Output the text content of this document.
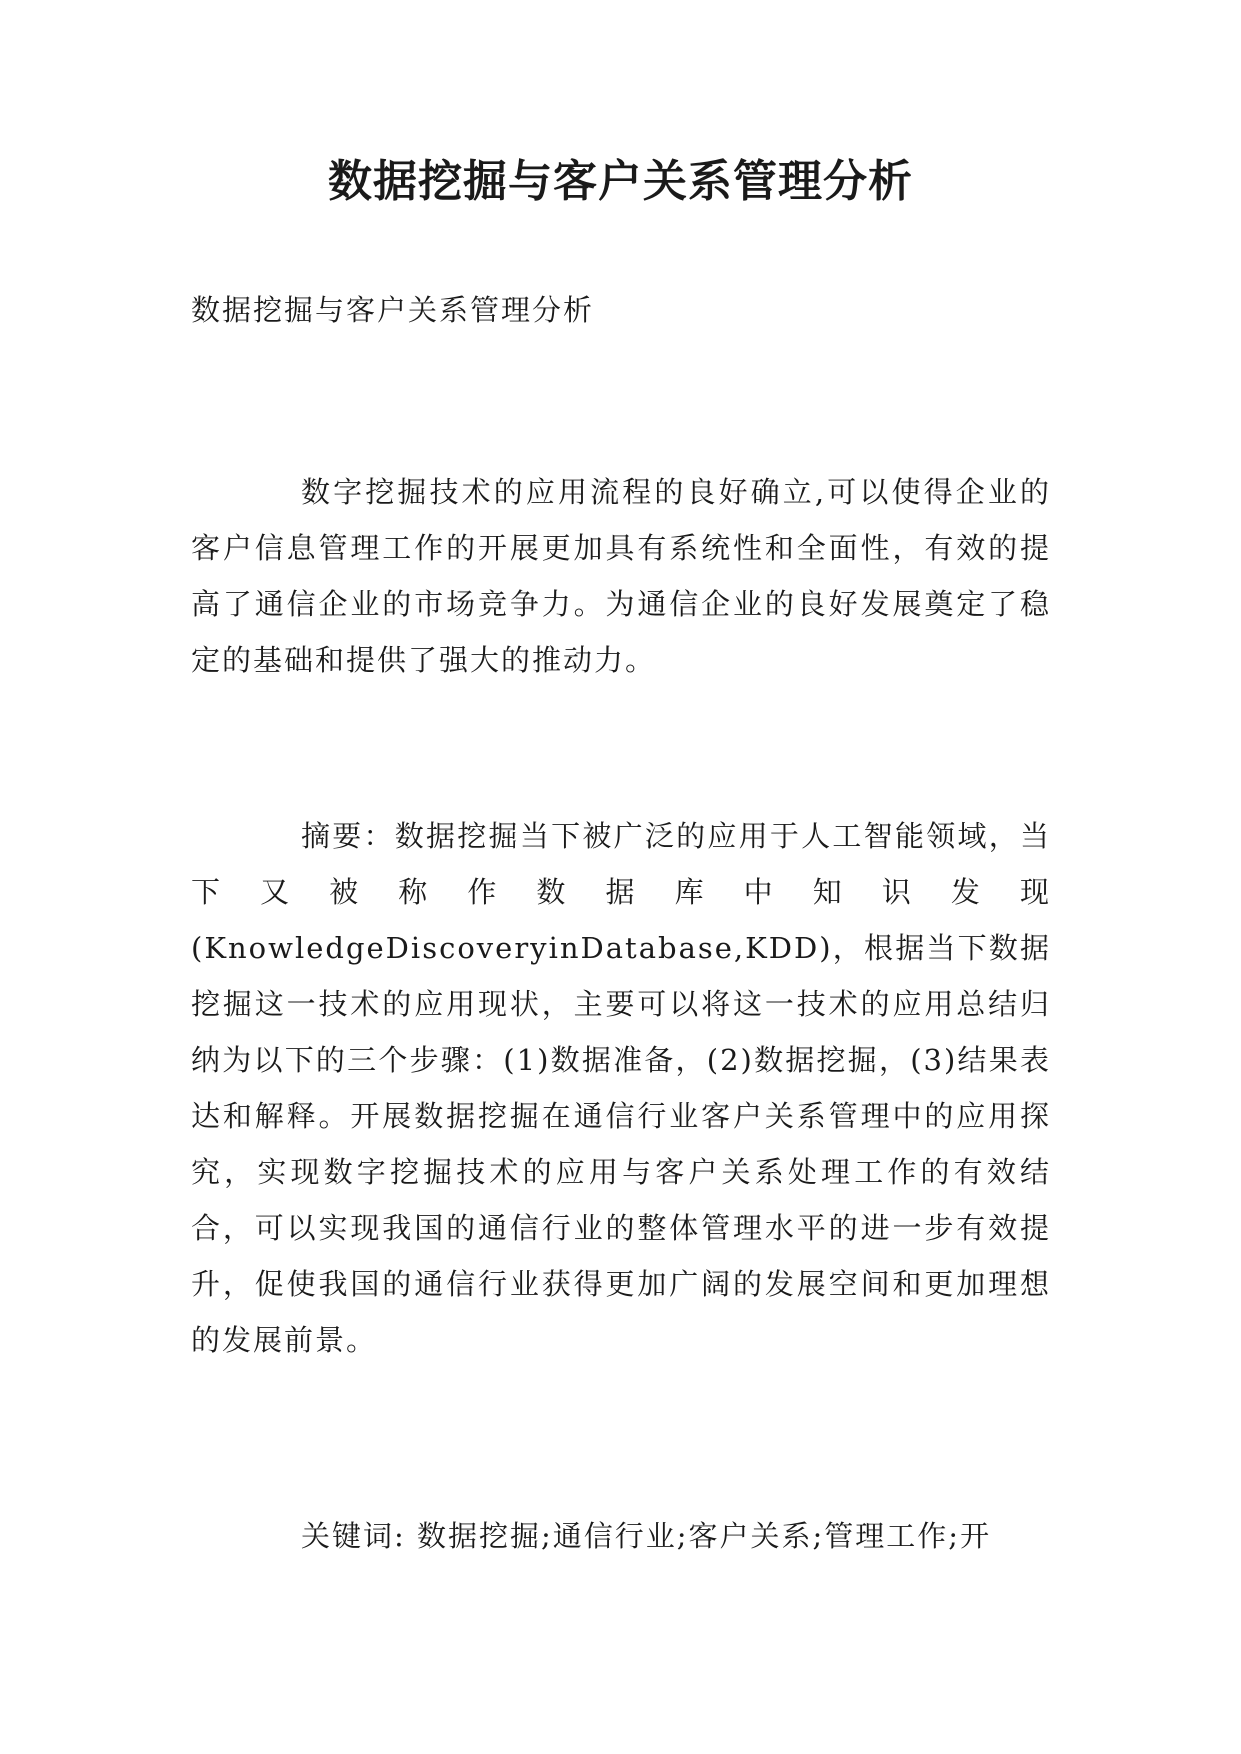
数据挖掘与客户关系管理分析

数据挖掘与客户关系管理分析

数字挖掘技术的应用流程的良好确立,可以使得企业的客户信息管理工作的开展更加具有系统性和全面性，有效的提高了通信企业的市场竞争力。为通信企业的良好发展奠定了稳定的基础和提供了强大的推动力。

摘要：数据挖掘当下被广泛的应用于人工智能领域，当下又被称作数据库中知识发现(KnowledgeDiscoveryinDatabase,KDD)，根据当下数据挖掘这一技术的应用现状，主要可以将这一技术的应用总结归纳为以下的三个步骤：(1)数据准备，(2)数据挖掘，(3)结果表达和解释。开展数据挖掘在通信行业客户关系管理中的应用探究，实现数字挖掘技术的应用与客户关系处理工作的有效结合，可以实现我国的通信行业的整体管理水平的进一步有效提升，促使我国的通信行业获得更加广阔的发展空间和更加理想的发展前景。

关键词: 数据挖掘;通信行业;客户关系;管理工作;开
